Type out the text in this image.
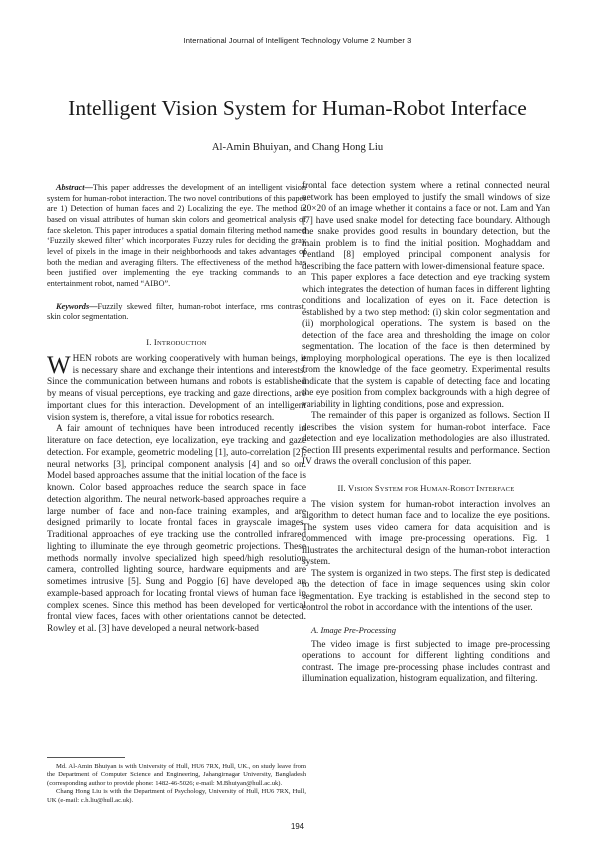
International Journal of Intelligent Technology Volume 2 Number 3
Intelligent Vision System for Human-Robot Interface
Al-Amin Bhuiyan, and Chang Hong Liu

Abstract—This paper addresses the development of an intelligent vision system for human-robot interaction. The two novel contributions of this paper are 1) Detection of human faces and 2) Localizing the eye. The method is based on visual attributes of human skin colors and geometrical analysis of face skeleton. This paper introduces a spatial domain filtering method named ‘Fuzzily skewed filter’ which incorporates Fuzzy rules for deciding the gray level of pixels in the image in their neighborhoods and takes advantages of both the median and averaging filters. The effectiveness of the method has been justified over implementing the eye tracking commands to an entertainment robot, named “AIBO”.

Keywords—Fuzzily skewed filter, human-robot interface, rms contrast, skin color segmentation.

I. INTRODUCTION

WHEN robots are working cooperatively with human beings, it is necessary share and exchange their intentions and interests. Since the communication between humans and robots is established by means of visual perceptions, eye tracking and gaze directions, are important clues for this interaction. Development of an intelligent vision system is, therefore, a vital issue for robotics research.

A fair amount of techniques have been introduced recently in literature on face detection, eye localization, eye tracking and gaze detection. For example, geometric modeling [1], auto-correlation [2], neural networks [3], principal component analysis [4] and so on. Model based approaches assume that the initial location of the face is known. Color based approaches reduce the search space in face detection algorithm. The neural network-based approaches require a large number of face and non-face training examples, and are designed primarily to locate frontal faces in grayscale images. Traditional approaches of eye tracking use the controlled infrared lighting to illuminate the eye through geometric projections. These methods normally involve specialized high speed/high resolution camera, controlled lighting source, hardware equipments and are sometimes intrusive [5]. Sung and Poggio [6] have developed an example-based approach for locating frontal views of human face in complex scenes. Since this method has been developed for vertical frontal view faces, faces with other orientations cannot be detected. Rowley et al. [3] have developed a neural network-based

Md. Al-Amin Bhuiyan is with University of Hull, HU6 7RX, Hull, UK., on study leave from the Department of Computer Science and Engineering, Jahangirnagar University, Bangladesh (corresponding author to provide phone: 1482-46-5026; e-mail: M.Bhuiyan@hull.ac.uk).

Chang Hong Liu is with the Department of Psychology, University of Hull, HU6 7RX, Hull, UK (e-mail: c.h.liu@hull.ac.uk).

frontal face detection system where a retinal connected neural network has been employed to justify the small windows of size 20×20 of an image whether it contains a face or not. Lam and Yan [7] have used snake model for detecting face boundary. Although the snake provides good results in boundary detection, but the main problem is to find the initial position. Moghaddam and Pentland [8] employed principal component analysis for describing the face pattern with lower-dimensional feature space.

This paper explores a face detection and eye tracking system which integrates the detection of human faces in different lighting conditions and localization of eyes on it. Face detection is established by a two step method: (i) skin color segmentation and (ii) morphological operations. The system is based on the detection of the face area and thresholding the image on color segmentation. The location of the face is then determined by employing morphological operations. The eye is then localized from the knowledge of the face geometry. Experimental results indicate that the system is capable of detecting face and locating the eye position from complex backgrounds with a high degree of variability in lighting conditions, pose and expression.

The remainder of this paper is organized as follows. Section II describes the vision system for human-robot interface. Face detection and eye localization methodologies are also illustrated. Section III presents experimental results and performance. Section IV draws the overall conclusion of this paper.

II. VISION SYSTEM FOR HUMAN-ROBOT INTERFACE

The vision system for human-robot interaction involves an algorithm to detect human face and to localize the eye positions. The system uses video camera for data acquisition and is commenced with image pre-processing operations. Fig. 1 illustrates the architectural design of the human-robot interaction system.

The system is organized in two steps. The first step is dedicated to the detection of face in image sequences using skin color segmentation. Eye tracking is established in the second step to control the robot in accordance with the intentions of the user.

A. Image Pre-Processing

The video image is first subjected to image pre-processing operations to account for different lighting conditions and contrast. The image pre-processing phase includes contrast and illumination equalization, histogram equalization, and filtering.

194
